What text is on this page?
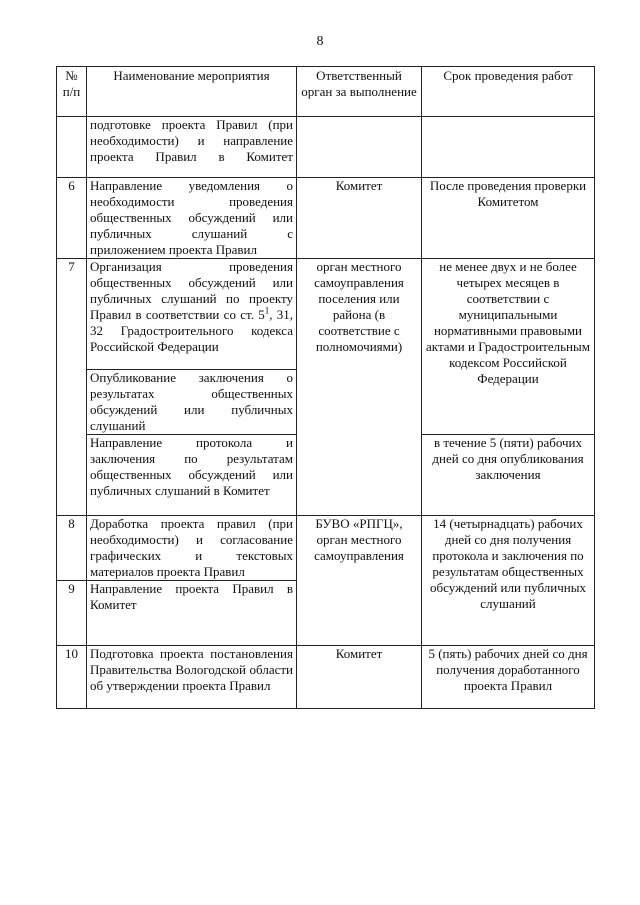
8
№ п/п	Наименование мероприятия	Ответственный орган за выполнение	Срок проведения работ
	подготовке проекта Правил (при необходимости) и направление проекта Правил в Комитет		
6	Направление уведомления о необходимости проведения общественных обсуждений или публичных слушаний с приложением проекта Правил	Комитет	После проведения проверки Комитетом
7	Организация проведения общественных обсуждений или публичных слушаний по проекту Правил в соответствии со ст. $5^1$, 31, 32 Градостроительного кодекса Российской Федерации	орган местного самоуправления поселения или района (в соответствие с полномочиями)	не менее двух и не более четырех месяцев в соответствии с муниципальными нормативными правовыми актами и Градостроительным кодексом Российской Федерации
	Опубликование заключения о результатах общественных обсуждений или публичных слушаний		
	Направление протокола и заключения по результатам общественных обсуждений или публичных слушаний в Комитет		в течение 5 (пяти) рабочих дней со дня опубликования заключения
8	Доработка проекта правил (при необходимости) и согласование графических и текстовых материалов проекта Правил	БУВО «РПГЦ», орган местного самоуправления	14 (четырнадцать) рабочих дней со дня получения протокола и заключения по результатам общественных обсуждений или публичных слушаний
9	Направление проекта Правил в Комитет		
10	Подготовка проекта постановления Правительства Вологодской области об утверждении проекта Правил	Комитет	5 (пять) рабочих дней со дня получения доработанного проекта Правил
